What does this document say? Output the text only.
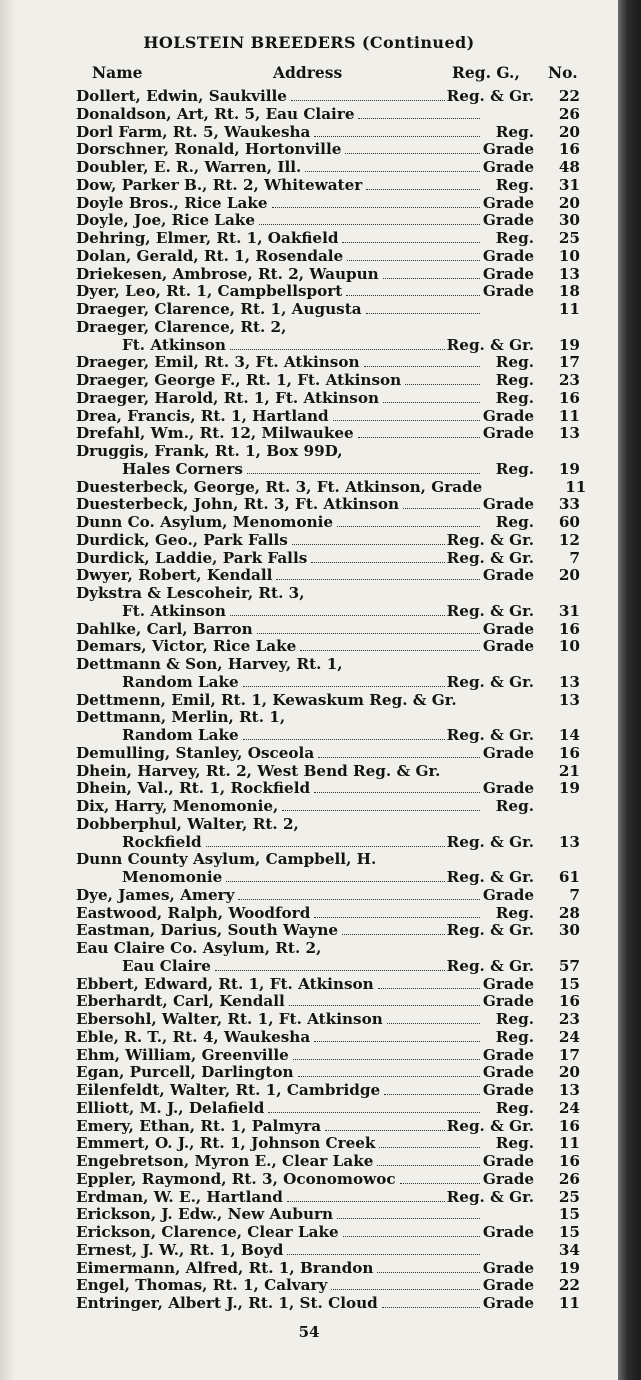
HOLSTEIN BREEDERS (Continued)
Name	Address	Reg. G., No.
Dollert, Edwin, Saukville	Reg. & Gr.	22
Donaldson, Art, Rt. 5, Eau Claire	26
Dorl Farm, Rt. 5, Waukesha	Reg.	20
Dorschner, Ronald, Hortonville	Grade	16
Doubler, E. R., Warren, Ill.	Grade	48
Dow, Parker B., Rt. 2, Whitewater	Reg.	31
Doyle Bros., Rice Lake	Grade	20
Doyle, Joe, Rice Lake	Grade	30
Dehring, Elmer, Rt. 1, Oakfield	Reg.	25
Dolan, Gerald, Rt. 1, Rosendale	Grade	10
Driekesen, Ambrose, Rt. 2, Waupun	Grade	13
Dyer, Leo, Rt. 1, Campbellsport	Grade	18
Draeger, Clarence, Rt. 1, Augusta	11
Draeger, Clarence, Rt. 2,
Ft. Atkinson	Reg. & Gr.	19
Draeger, Emil, Rt. 3, Ft. Atkinson	Reg.	17
Draeger, George F., Rt. 1, Ft. Atkinson	Reg.	23
Draeger, Harold, Rt. 1, Ft. Atkinson	Reg.	16
Drea, Francis, Rt. 1, Hartland	Grade	11
Drefahl, Wm., Rt. 12, Milwaukee	Grade	13
Druggis, Frank, Rt. 1, Box 99D,
Hales Corners	Reg.	19
Duesterbeck, George, Rt. 3, Ft. Atkinson, Grade	11
Duesterbeck, John, Rt. 3, Ft. Atkinson	Grade	33
Dunn Co. Asylum, Menomonie	Reg.	60
Durdick, Geo., Park Falls	Reg. & Gr.	12
Durdick, Laddie, Park Falls	Reg. & Gr.	7
Dwyer, Robert, Kendall	Grade	20
Dykstra & Lescoheir, Rt. 3,
Ft. Atkinson	Reg. & Gr.	31
Dahlke, Carl, Barron	Grade	16
Demars, Victor, Rice Lake	Grade	10
Dettmann & Son, Harvey, Rt. 1,
Random Lake	Reg. & Gr.	13
Dettmenn, Emil, Rt. 1, Kewaskum Reg. & Gr.	13
Dettmann, Merlin, Rt. 1,
Random Lake	Reg. & Gr.	14
Demulling, Stanley, Osceola	Grade	16
Dhein, Harvey, Rt. 2, West Bend Reg. & Gr.	21
Dhein, Val., Rt. 1, Rockfield	Grade	19
Dix, Harry, Menomonie,	Reg.
Dobberphul, Walter, Rt. 2,
Rockfield	Reg. & Gr.	13
Dunn County Asylum, Campbell, H.
Menomonie	Reg. & Gr.	61
Dye, James, Amery	Grade	7
Eastwood, Ralph, Woodford	Reg.	28
Eastman, Darius, South Wayne	Reg. & Gr.	30
Eau Claire Co. Asylum, Rt. 2,
Eau Claire	Reg. & Gr.	57
Ebbert, Edward, Rt. 1, Ft. Atkinson	Grade	15
Eberhardt, Carl, Kendall	Grade	16
Ebersohl, Walter, Rt. 1, Ft. Atkinson	Reg.	23
Eble, R. T., Rt. 4, Waukesha	Reg.	24
Ehm, William, Greenville	Grade	17
Egan, Purcell, Darlington	Grade	20
Eilenfeldt, Walter, Rt. 1, Cambridge	Grade	13
Elliott, M. J., Delafield	Reg.	24
Emery, Ethan, Rt. 1, Palmyra	Reg. & Gr.	16
Emmert, O. J., Rt. 1, Johnson Creek	Reg.	11
Engebretson, Myron E., Clear Lake	Grade	16
Eppler, Raymond, Rt. 3, Oconomowoc	Grade	26
Erdman, W. E., Hartland	Reg. & Gr.	25
Erickson, J. Edw., New Auburn	15
Erickson, Clarence, Clear Lake	Grade	15
Ernest, J. W., Rt. 1, Boyd	34
Eimermann, Alfred, Rt. 1, Brandon	Grade	19
Engel, Thomas, Rt. 1, Calvary	Grade	22
Entringer, Albert J., Rt. 1, St. Cloud	Grade	11
54
